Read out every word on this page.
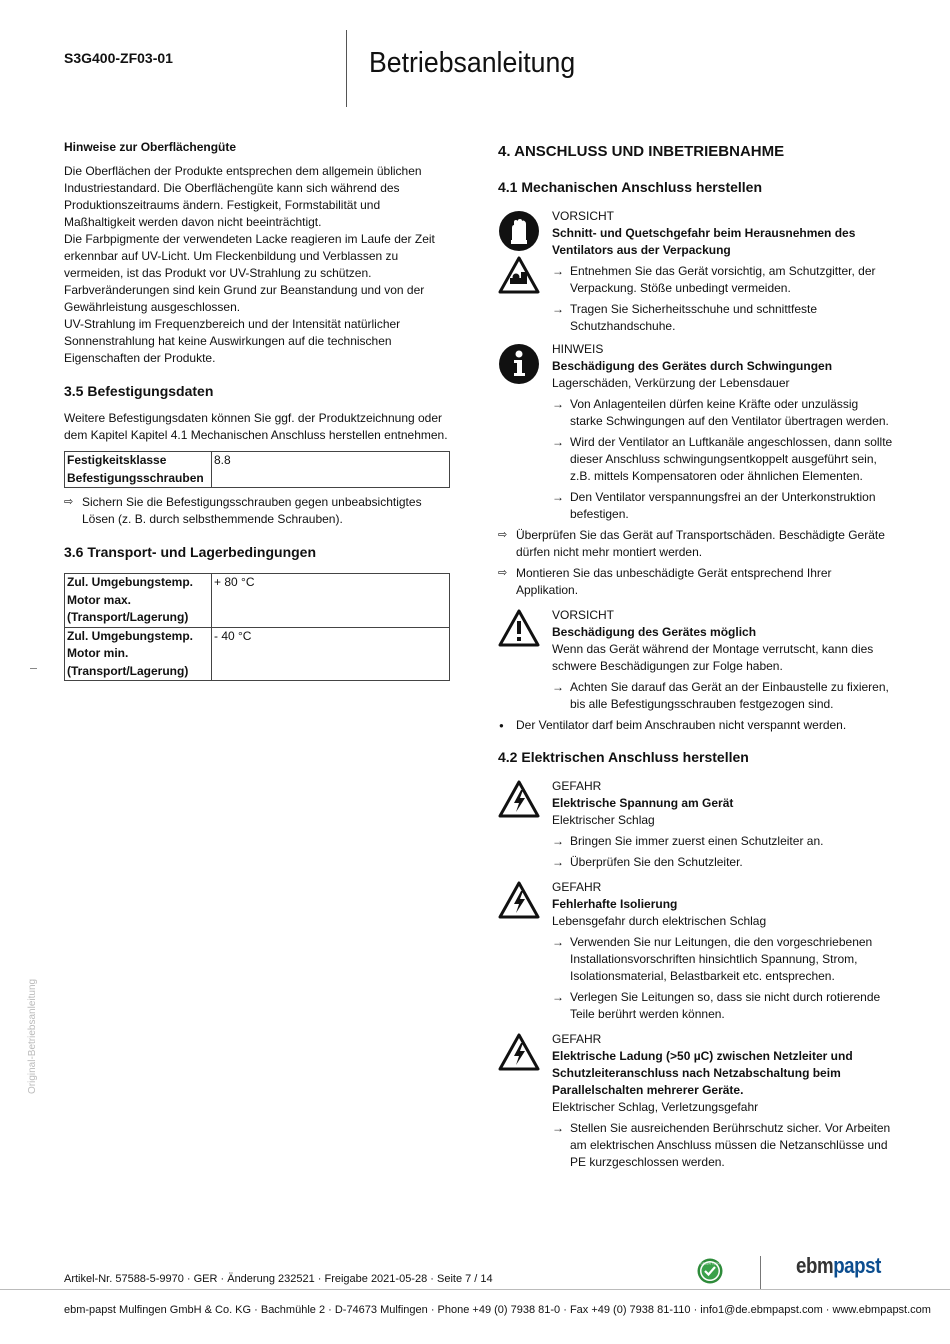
S3G400-ZF03-01	Betriebsanleitung
Original-Betriebsanleitung
Hinweise zur Oberflächengüte
Die Oberflächen der Produkte entsprechen dem allgemein üblichen Industriestandard. Die Oberflächengüte kann sich während des Produktionszeitraums ändern. Festigkeit, Formstabilität und Maßhaltigkeit werden davon nicht beeinträchtigt.
Die Farbpigmente der verwendeten Lacke reagieren im Laufe der Zeit erkennbar auf UV-Licht. Um Fleckenbildung und Verblassen zu vermeiden, ist das Produkt vor UV-Strahlung zu schützen. Farbveränderungen sind kein Grund zur Beanstandung und von der Gewährleistung ausgeschlossen.
UV-Strahlung im Frequenzbereich und der Intensität natürlicher Sonnenstrahlung hat keine Auswirkungen auf die technischen Eigenschaften der Produkte.
3.5 Befestigungsdaten
Weitere Befestigungsdaten können Sie ggf. der Produktzeichnung oder dem Kapitel Kapitel 4.1 Mechanischen Anschluss herstellen entnehmen.
Festigkeitsklasse Befestigungsschrauben	8.8
⇨ Sichern Sie die Befestigungsschrauben gegen unbeabsichtigtes Lösen (z. B. durch selbsthemmende Schrauben).
3.6 Transport- und Lagerbedingungen
Zul. Umgebungstemp. Motor max. (Transport/Lagerung)	+ 80 °C
Zul. Umgebungstemp. Motor min. (Transport/Lagerung)	- 40 °C
4. ANSCHLUSS UND INBETRIEBNAHME
4.1 Mechanischen Anschluss herstellen
VORSICHT
Schnitt- und Quetschgefahr beim Herausnehmen des Ventilators aus der Verpackung
→ Entnehmen Sie das Gerät vorsichtig, am Schutzgitter, der Verpackung. Stöße unbedingt vermeiden.
→ Tragen Sie Sicherheitsschuhe und schnittfeste Schutzhandschuhe.
HINWEIS
Beschädigung des Gerätes durch Schwingungen
Lagerschäden, Verkürzung der Lebensdauer
→ Von Anlagenteilen dürfen keine Kräfte oder unzulässig starke Schwingungen auf den Ventilator übertragen werden.
→ Wird der Ventilator an Luftkanäle angeschlossen, dann sollte dieser Anschluss schwingungsentkoppelt ausgeführt sein, z.B. mittels Kompensatoren oder ähnlichen Elementen.
→ Den Ventilator verspannungsfrei an der Unterkonstruktion befestigen.
⇨ Überprüfen Sie das Gerät auf Transportschäden. Beschädigte Geräte dürfen nicht mehr montiert werden.
⇨ Montieren Sie das unbeschädigte Gerät entsprechend Ihrer Applikation.
VORSICHT
Beschädigung des Gerätes möglich
Wenn das Gerät während der Montage verrutscht, kann dies schwere Beschädigungen zur Folge haben.
→ Achten Sie darauf das Gerät an der Einbaustelle zu fixieren, bis alle Befestigungsschrauben festgezogen sind.
● Der Ventilator darf beim Anschrauben nicht verspannt werden.
4.2 Elektrischen Anschluss herstellen
GEFAHR
Elektrische Spannung am Gerät
Elektrischer Schlag
→ Bringen Sie immer zuerst einen Schutzleiter an.
→ Überprüfen Sie den Schutzleiter.
GEFAHR
Fehlerhafte Isolierung
Lebensgefahr durch elektrischen Schlag
→ Verwenden Sie nur Leitungen, die den vorgeschriebenen Installationsvorschriften hinsichtlich Spannung, Strom, Isolationsmaterial, Belastbarkeit etc. entsprechen.
→ Verlegen Sie Leitungen so, dass sie nicht durch rotierende Teile berührt werden können.
GEFAHR
Elektrische Ladung (>50 µC) zwischen Netzleiter und Schutzleiteranschluss nach Netzabschaltung beim Parallelschalten mehrerer Geräte.
Elektrischer Schlag, Verletzungsgefahr
→ Stellen Sie ausreichenden Berührschutz sicher. Vor Arbeiten am elektrischen Anschluss müssen die Netzanschlüsse und PE kurzgeschlossen werden.
Artikel-Nr. 57588-5-9970 · GER · Änderung 232521 · Freigabe 2021-05-28 · Seite 7 / 14
GREEN TECH	ebmpapst
ebm-papst Mulfingen GmbH & Co. KG · Bachmühle 2 · D-74673 Mulfingen · Phone +49 (0) 7938 81-0 · Fax +49 (0) 7938 81-110 · info1@de.ebmpapst.com · www.ebmpapst.com
